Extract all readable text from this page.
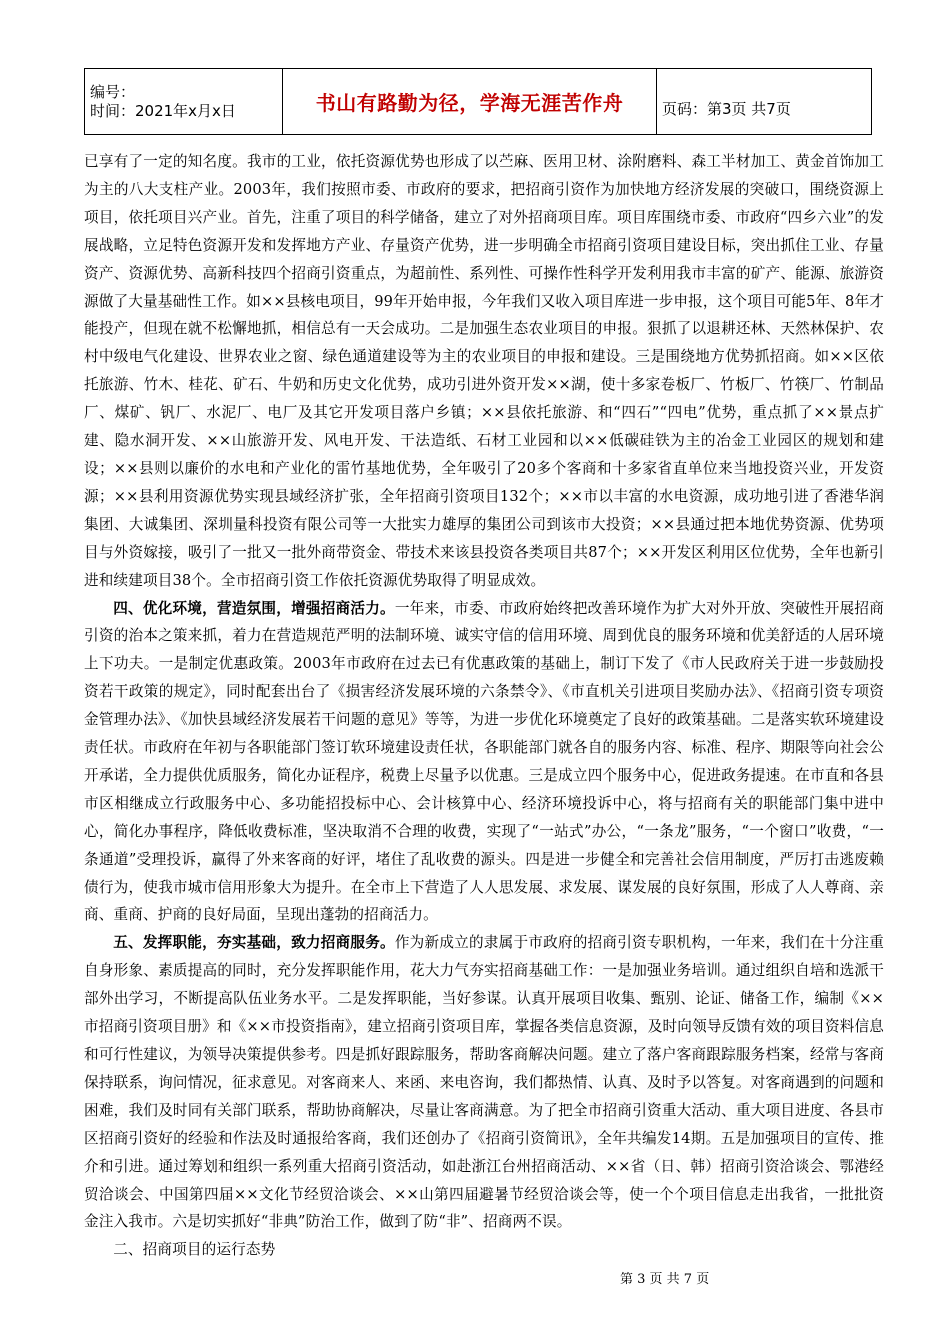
编号：
时间：2021年x月x日	书山有路勤为径，学海无涯苦作舟	页码：第3页 共7页

已享有了一定的知名度。我市的工业，依托资源优势也形成了以苎麻、医用卫材、涂附磨料、森工半材加工、黄金首饰加工为主的八大支柱产业。2003年，我们按照市委、市政府的要求，把招商引资作为加快地方经济发展的突破口，围绕资源上项目，依托项目兴产业。首先，注重了项目的科学储备，建立了对外招商项目库。项目库围绕市委、市政府“四乡六业”的发展战略，立足特色资源开发和发挥地方产业、存量资产优势，进一步明确全市招商引资项目建设目标，突出抓住工业、存量资产、资源优势、高新科技四个招商引资重点，为超前性、系列性、可操作性科学开发利用我市丰富的矿产、能源、旅游资源做了大量基础性工作。如××县核电项目，99年开始申报，今年我们又收入项目库进一步申报，这个项目可能5年、8年才能投产，但现在就不松懈地抓，相信总有一天会成功。二是加强生态农业项目的申报。狠抓了以退耕还林、天然林保护、农村中级电气化建设、世界农业之窗、绿色通道建设等为主的农业项目的申报和建设。三是围绕地方优势抓招商。如××区依托旅游、竹木、桂花、矿石、牛奶和历史文化优势，成功引进外资开发××湖，使十多家卷板厂、竹板厂、竹筷厂、竹制品厂、煤矿、钒厂、水泥厂、电厂及其它开发项目落户乡镇；××县依托旅游、和“四石”“四电”优势，重点抓了××景点扩建、隐水洞开发、××山旅游开发、风电开发、干法造纸、石材工业园和以××低碳硅铁为主的冶金工业园区的规划和建设；××县则以廉价的水电和产业化的雷竹基地优势，全年吸引了20多个客商和十多家省直单位来当地投资兴业，开发资源；××县利用资源优势实现县域经济扩张，全年招商引资项目132个；××市以丰富的水电资源，成功地引进了香港华润集团、大诚集团、深圳量科投资有限公司等一大批实力雄厚的集团公司到该市大投资；××县通过把本地优势资源、优势项目与外资嫁接，吸引了一批又一批外商带资金、带技术来该县投资各类项目共87个；××开发区利用区位优势，全年也新引进和续建项目38个。全市招商引资工作依托资源优势取得了明显成效。

四、优化环境，营造氛围，增强招商活力。一年来，市委、市政府始终把改善环境作为扩大对外开放、突破性开展招商引资的治本之策来抓，着力在营造规范严明的法制环境、诚实守信的信用环境、周到优良的服务环境和优美舒适的人居环境上下功夫。一是制定优惠政策。2003年市政府在过去已有优惠政策的基础上，制订下发了《市人民政府关于进一步鼓励投资若干政策的规定》，同时配套出台了《损害经济发展环境的六条禁令》、《市直机关引进项目奖励办法》、《招商引资专项资金管理办法》、《加快县域经济发展若干问题的意见》等等，为进一步优化环境奠定了良好的政策基础。二是落实软环境建设责任状。市政府在年初与各职能部门签订软环境建设责任状，各职能部门就各自的服务内容、标准、程序、期限等向社会公开承诺，全力提供优质服务，简化办证程序，税费上尽量予以优惠。三是成立四个服务中心，促进政务提速。在市直和各县市区相继成立行政服务中心、多功能招投标中心、会计核算中心、经济环境投诉中心，将与招商有关的职能部门集中进中心，简化办事程序，降低收费标准，坚决取消不合理的收费，实现了“一站式”办公，“一条龙”服务，“一个窗口”收费，“一条通道”受理投诉，赢得了外来客商的好评，堵住了乱收费的源头。四是进一步健全和完善社会信用制度，严厉打击逃废赖债行为，使我市城市信用形象大为提升。在全市上下营造了人人思发展、求发展、谋发展的良好氛围，形成了人人尊商、亲商、重商、护商的良好局面，呈现出蓬勃的招商活力。

五、发挥职能，夯实基础，致力招商服务。作为新成立的隶属于市政府的招商引资专职机构，一年来，我们在十分注重自身形象、素质提高的同时，充分发挥职能作用，花大力气夯实招商基础工作：一是加强业务培训。通过组织自培和选派干部外出学习，不断提高队伍业务水平。二是发挥职能，当好参谋。认真开展项目收集、甄别、论证、储备工作，编制《××市招商引资项目册》和《××市投资指南》，建立招商引资项目库，掌握各类信息资源，及时向领导反馈有效的项目资料信息和可行性建议，为领导决策提供参考。四是抓好跟踪服务，帮助客商解决问题。建立了落户客商跟踪服务档案，经常与客商保持联系，询问情况，征求意见。对客商来人、来函、来电咨询，我们都热情、认真、及时予以答复。对客商遇到的问题和困难，我们及时同有关部门联系，帮助协商解决，尽量让客商满意。为了把全市招商引资重大活动、重大项目进度、各县市区招商引资好的经验和作法及时通报给客商，我们还创办了《招商引资简讯》，全年共编发14期。五是加强项目的宣传、推介和引进。通过筹划和组织一系列重大招商引资活动，如赴浙江台州招商活动、××省（日、韩）招商引资洽谈会、鄂港经贸洽谈会、中国第四届××文化节经贸洽谈会、××山第四届避暑节经贸洽谈会等，使一个个项目信息走出我省，一批批资金注入我市。六是切实抓好“非典”防治工作，做到了防“非”、招商两不误。

二、招商项目的运行态势

第 3 页 共 7 页
